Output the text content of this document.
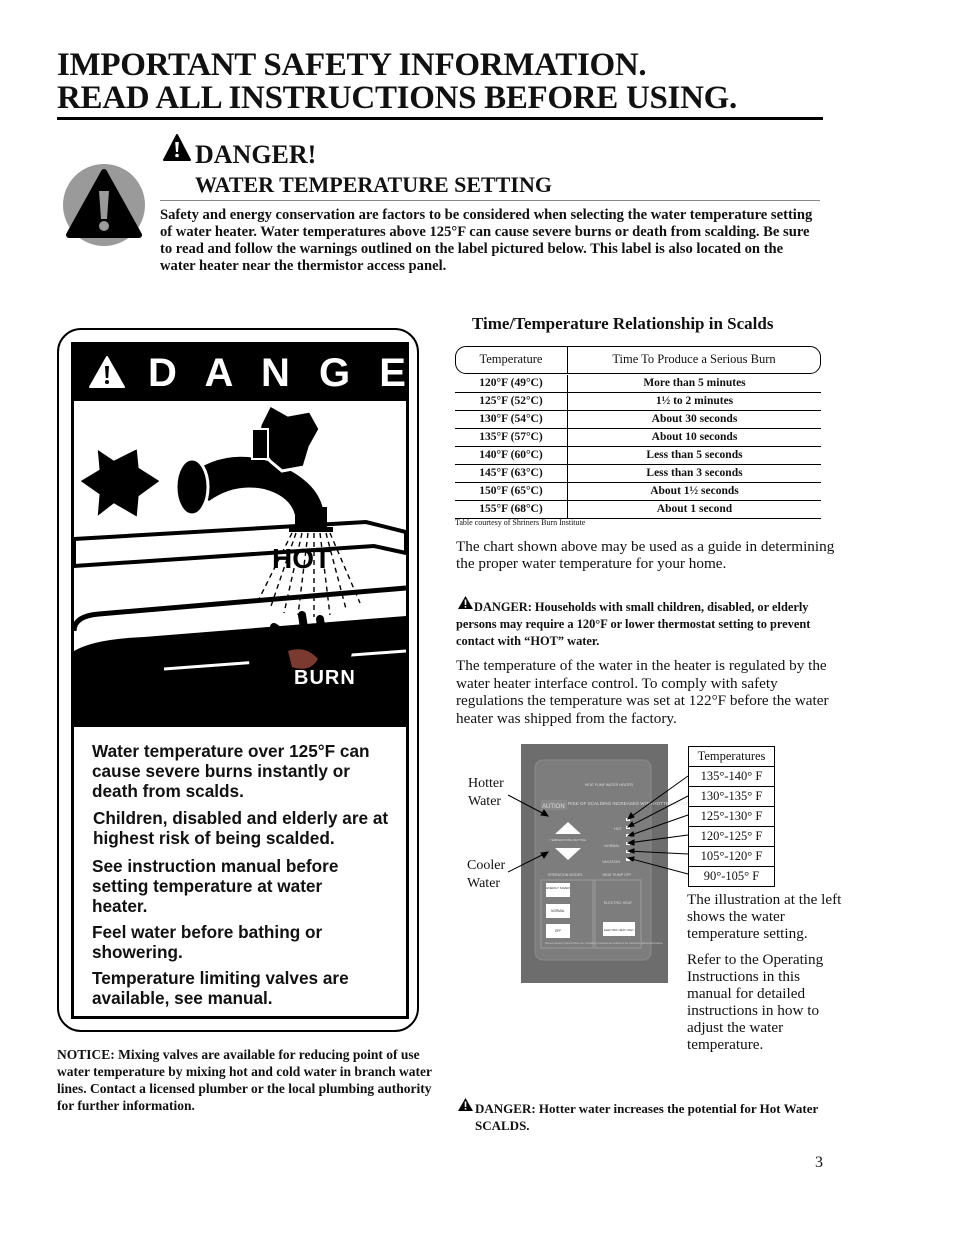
IMPORTANT SAFETY INFORMATION.
READ ALL INSTRUCTIONS BEFORE USING.
DANGER!
WATER TEMPERATURE SETTING
Safety and energy conservation are factors to be considered when selecting the water temperature setting of water heater. Water temperatures above 125°F can cause severe burns or death from scalding. Be sure to read and follow the warnings outlined on the label pictured below. This label is also located on the water heater near the thermistor access panel.
D A N G E R
HOT
BURN
Water temperature over 125°F can cause severe burns instantly or death from scalds.
Children, disabled and elderly are at highest risk of being scalded.
See instruction manual before setting temperature at water heater.
Feel water before bathing or showering.
Temperature limiting valves are available, see manual.
NOTICE: Mixing valves are available for reducing point of use water temperature by mixing hot and cold water in branch water lines. Contact a licensed plumber or the local plumbing authority for further information.
Time/Temperature Relationship in Scalds
Temperature	Time To Produce a Serious Burn
120°F (49°C)	More than 5 minutes
125°F (52°C)	1½ to 2 minutes
130°F (54°C)	About 30 seconds
135°F (57°C)	About 10 seconds
140°F (60°C)	Less than 5 seconds
145°F (63°C)	Less than 3 seconds
150°F (65°C)	About 1½ seconds
155°F (68°C)	About 1 second
Table courtesy of Shriners Burn Institute
The chart shown above may be used as a guide in determining the proper water temperature for your home.
DANGER: Households with small children, disabled, or elderly persons may require a 120°F or lower thermostat setting to prevent contact with “HOT” water.
The temperature of the water in the heater is regulated by the water heater interface control. To comply with safety regulations the temperature was set at 122°F before the water heater was shipped from the factory.
Hotter
Water
Cooler
Water
HEAT PUMP WATER HEATER
AUTION
RISK OF SCALDING INCREASES WITH HOTTER WATER
TEMPERATURE SETTING
HOT
NORMAL
VACATION
OPERATION MODES	HEAT PUMP OFF
ENERGY SAVER
NORMAL
OFF
ELECTRIC HEAT
ELECTRIC HEAT ONLY
Review operating manual before use. Operating procedures are outlined in the manual for optimal performance.
Temperatures
135°-140° F
130°-135° F
125°-130° F
120°-125° F
105°-120° F
90°-105° F
The illustration at the left shows the water temperature setting.
Refer to the Operating Instructions in this manual for detailed instructions in how to adjust the water temperature.
DANGER: Hotter water increases the potential for Hot Water SCALDS.
3
